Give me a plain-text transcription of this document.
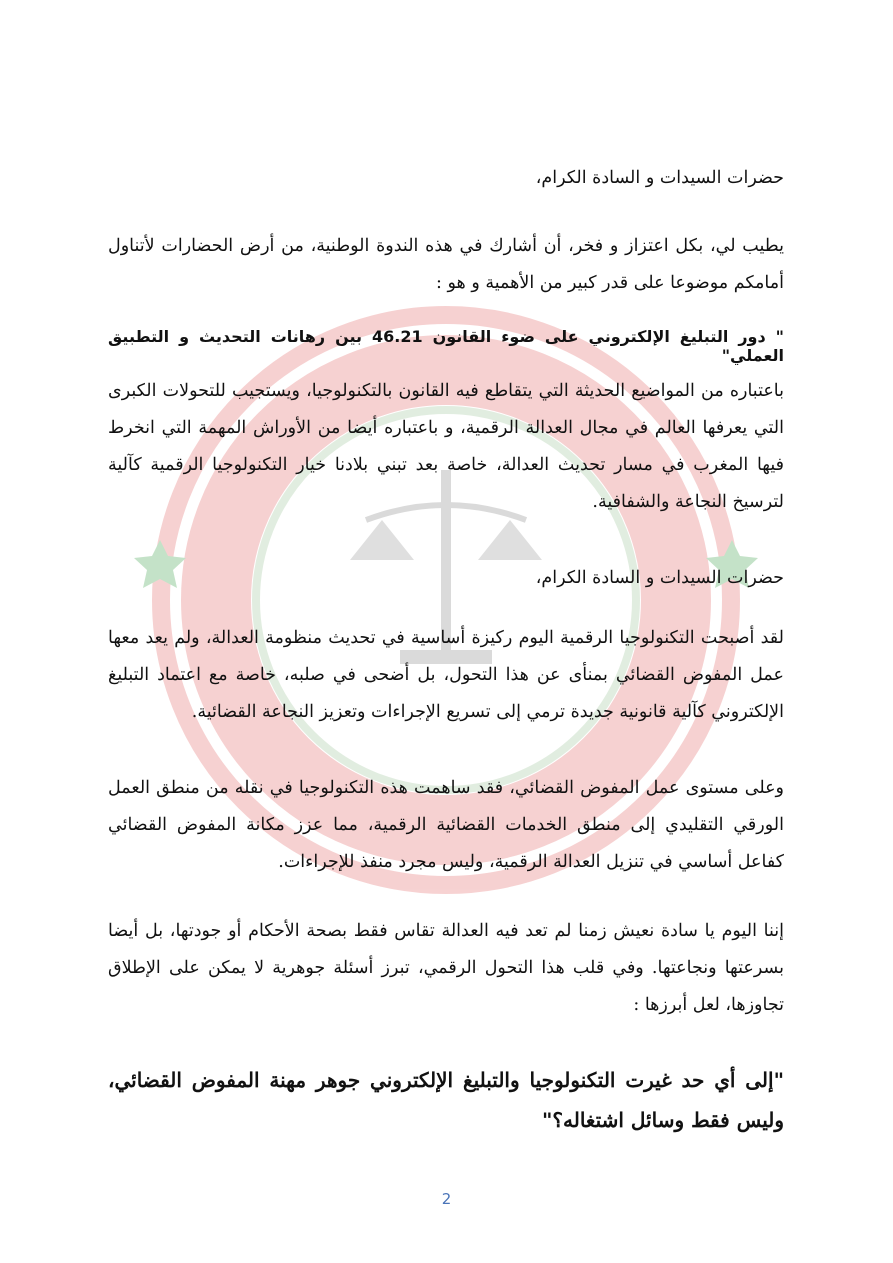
حضرات السيدات و السادة الكرام،

يطيب لي، بكل اعتزاز و فخر، أن أشارك في هذه الندوة الوطنية، من أرض الحضارات لأتناول أمامكم موضوعا على قدر كبير من الأهمية و هو :

" دور التبليغ الإلكتروني على ضوء القانون 46.21 بين رهانات التحديث و التطبيق العملي"

باعتباره من المواضيع الحديثة التي يتقاطع فيه القانون بالتكنولوجيا، ويستجيب للتحولات الكبرى التي يعرفها العالم في مجال العدالة الرقمية، و باعتباره أيضا من الأوراش المهمة التي انخرط فيها المغرب في مسار تحديث العدالة، خاصة بعد تبني بلادنا خيار التكنولوجيا الرقمية كآلية لترسيخ النجاعة والشفافية.

حضرات السيدات و السادة الكرام،

لقد أصبحت التكنولوجيا الرقمية اليوم ركيزة أساسية في تحديث منظومة العدالة، ولم يعد معها عمل المفوض القضائي بمنأى عن هذا التحول، بل أضحى في صلبه، خاصة مع اعتماد التبليغ الإلكتروني كآلية قانونية جديدة ترمي إلى تسريع الإجراءات وتعزيز النجاعة القضائية.

وعلى مستوى عمل المفوض القضائي، فقد ساهمت هذه التكنولوجيا في نقله من منطق العمل الورقي التقليدي إلى منطق الخدمات القضائية الرقمية، مما عزز مكانة المفوض القضائي كفاعل أساسي في تنزيل العدالة الرقمية، وليس مجرد منفذ للإجراءات.

إننا اليوم يا سادة نعيش زمنا لم تعد فيه العدالة تقاس فقط بصحة الأحكام أو جودتها، بل أيضا بسرعتها ونجاعتها. وفي قلب هذا التحول الرقمي، تبرز أسئلة جوهرية لا يمكن على الإطلاق تجاوزها، لعل أبرزها :

"إلى أي حد غيرت التكنولوجيا والتبليغ الإلكتروني جوهر مهنة المفوض القضائي، وليس فقط وسائل اشتغاله؟"

2
